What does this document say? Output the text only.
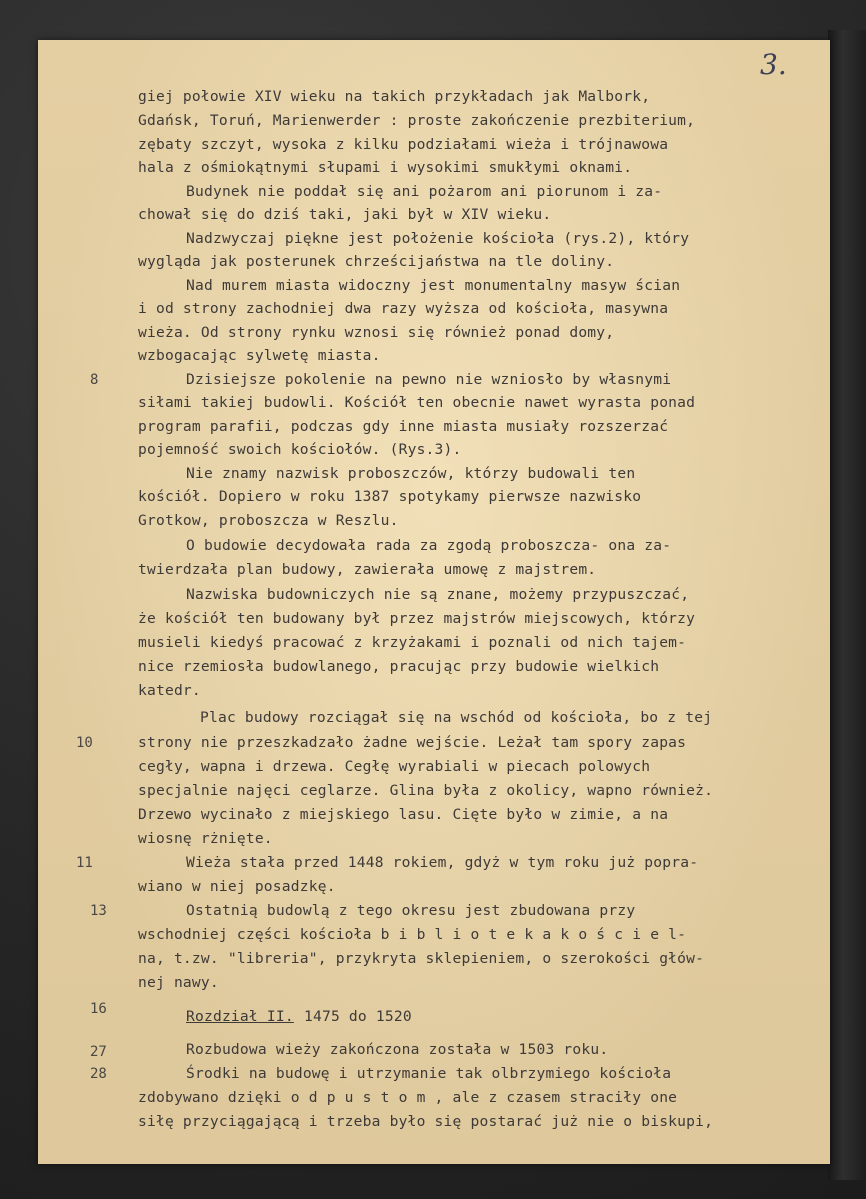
3.
giej połowie XIV wieku na takich przykładach jak Malbork,
Gdańsk, Toruń, Marienwerder : proste zakończenie prezbiterium,
zębaty szczyt, wysoka z kilku podziałami wieża i trójnawowa
hala z ośmiokątnymi słupami i wysokimi smukłymi oknami.
Budynek nie poddał się ani pożarom ani piorunom i za-
chował się do dziś taki, jaki był w XIV wieku.
Nadzwyczaj piękne jest położenie kościoła (rys.2), który
wygląda jak posterunek chrześcijaństwa na tle doliny.
Nad murem miasta widoczny jest monumentalny masyw ścian
i od strony zachodniej dwa razy wyższa od kościoła, masywna
wieża. Od strony rynku wznosi się również ponad domy,
wzbogacając sylwetę miasta.
Dzisiejsze pokolenie na pewno nie wzniosło by własnymi
siłami takiej budowli. Kościół ten obecnie nawet wyrasta ponad
program parafii, podczas gdy inne miasta musiały rozszerzać
pojemność swoich kościołów. (Rys.3).
Nie znamy nazwisk proboszczów, którzy budowali ten
kościół. Dopiero w roku 1387 spotykamy pierwsze nazwisko
Grotkow, proboszcza w Reszlu.
O budowie decydowała rada za zgodą proboszcza- ona za-
twierdzała plan budowy, zawierała umowę z majstrem.
Nazwiska budowniczych nie są znane, możemy przypuszczać,
że kościół ten budowany był przez majstrów miejscowych, którzy
musieli kiedyś pracować z krzyżakami i poznali od nich tajem-
nice rzemiosła budowlanego, pracując przy budowie wielkich
katedr.
Plac budowy rozciągał się na wschód od kościoła, bo z tej
strony nie przeszkadzało żadne wejście. Leżał tam spory zapas
cegły, wapna i drzewa. Cegłę wyrabiali w piecach polowych
specjalnie najęci ceglarze. Glina była z okolicy, wapno również.
Drzewo wycinało z miejskiego lasu. Cięte było w zimie, a na
wiosnę rżnięte.
Wieża stała przed 1448 rokiem, gdyż w tym roku już popra-
wiano w niej posadzkę.
Ostatnią budowlą z tego okresu jest zbudowana przy
wschodniej części kościoła b i b l i o t e k a k o ś c i e l-
na, t.zw. "libreria", przykryta sklepieniem, o szerokości głów-
nej nawy.
Rozdział II. 1475 do 1520
Rozbudowa wieży zakończona została w 1503 roku.
Środki na budowę i utrzymanie tak olbrzymiego kościoła
zdobywano dzięki o d p u s t o m , ale z czasem straciły one
siłę przyciągającą i trzeba było się postarać już nie o biskupi,
8
10
11
13
16
27
28
